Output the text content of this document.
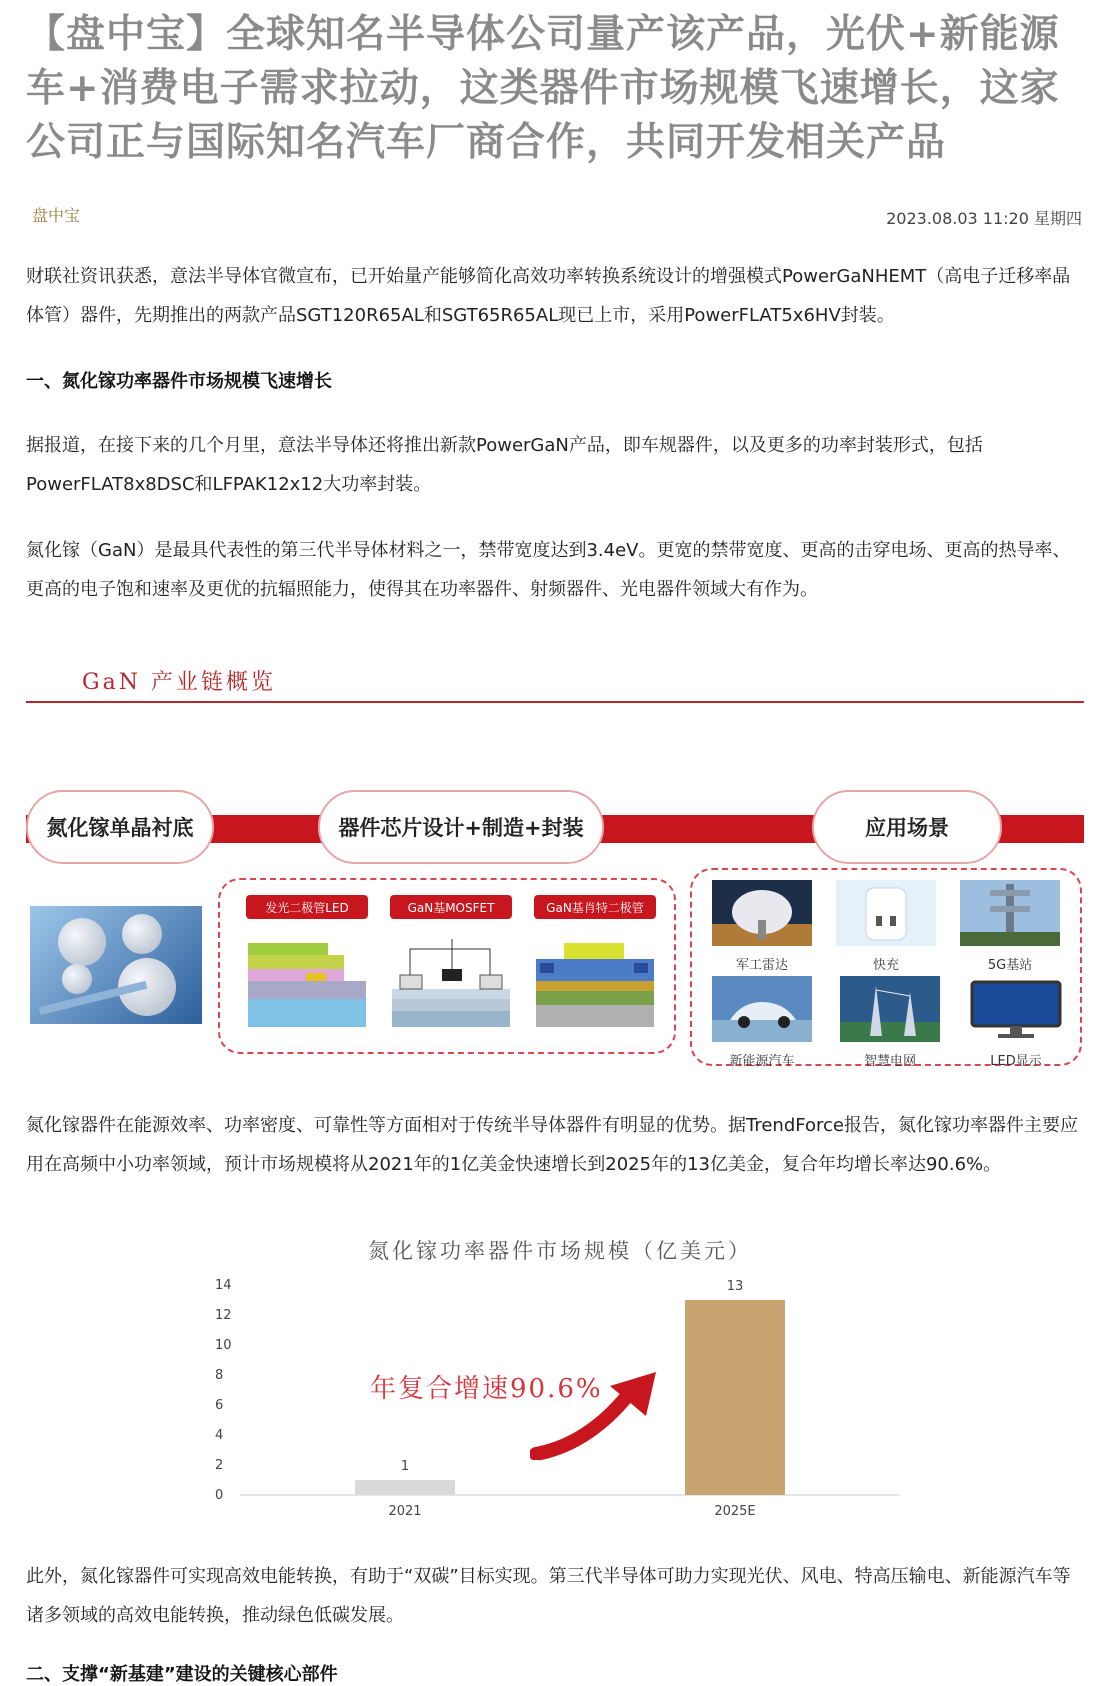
【盘中宝】全球知名半导体公司量产该产品，光伏+新能源车+消费电子需求拉动，这类器件市场规模飞速增长，这家公司正与国际知名汽车厂商合作，共同开发相关产品
盘中宝	2023.08.03 11:20 星期四

财联社资讯获悉，意法半导体官微宣布，已开始量产能够简化高效功率转换系统设计的增强模式PowerGaNHEMT（高电子迁移率晶体管）器件，先期推出的两款产品SGT120R65AL和SGT65R65AL现已上市，采用PowerFLAT5x6HV封装。

一、氮化镓功率器件市场规模飞速增长

据报道，在接下来的几个月里，意法半导体还将推出新款PowerGaN产品，即车规器件，以及更多的功率封装形式，包括PowerFLAT8x8DSC和LFPAK12x12大功率封装。

氮化镓（GaN）是最具代表性的第三代半导体材料之一，禁带宽度达到3.4eV。更宽的禁带宽度、更高的击穿电场、更高的热导率、更高的电子饱和速率及更优的抗辐照能力，使得其在功率器件、射频器件、光电器件领域大有作为。

GaN 产业链概览
氮化镓单晶衬底	器件芯片设计+制造+封装	应用场景
发光二极管LED	GaN基MOSFET	GaN基肖特二极管
军工雷达	快充	5G基站
新能源汽车	智慧电网	LED显示

氮化镓器件在能源效率、功率密度、可靠性等方面相对于传统半导体器件有明显的优势。据TrendForce报告，氮化镓功率器件主要应用在高频中小功率领域，预计市场规模将从2021年的1亿美金快速增长到2025年的13亿美金，复合年均增长率达90.6%。

氮化镓功率器件市场规模（亿美元）
0
2
4
6
8
10
12
14
1
2021
13
2025E
年复合增速90.6%

此外，氮化镓器件可实现高效电能转换，有助于“双碳”目标实现。第三代半导体可助力实现光伏、风电、特高压输电、新能源汽车等诸多领域的高效电能转换，推动绿色低碳发展。

二、支撑“新基建”建设的关键核心部件
